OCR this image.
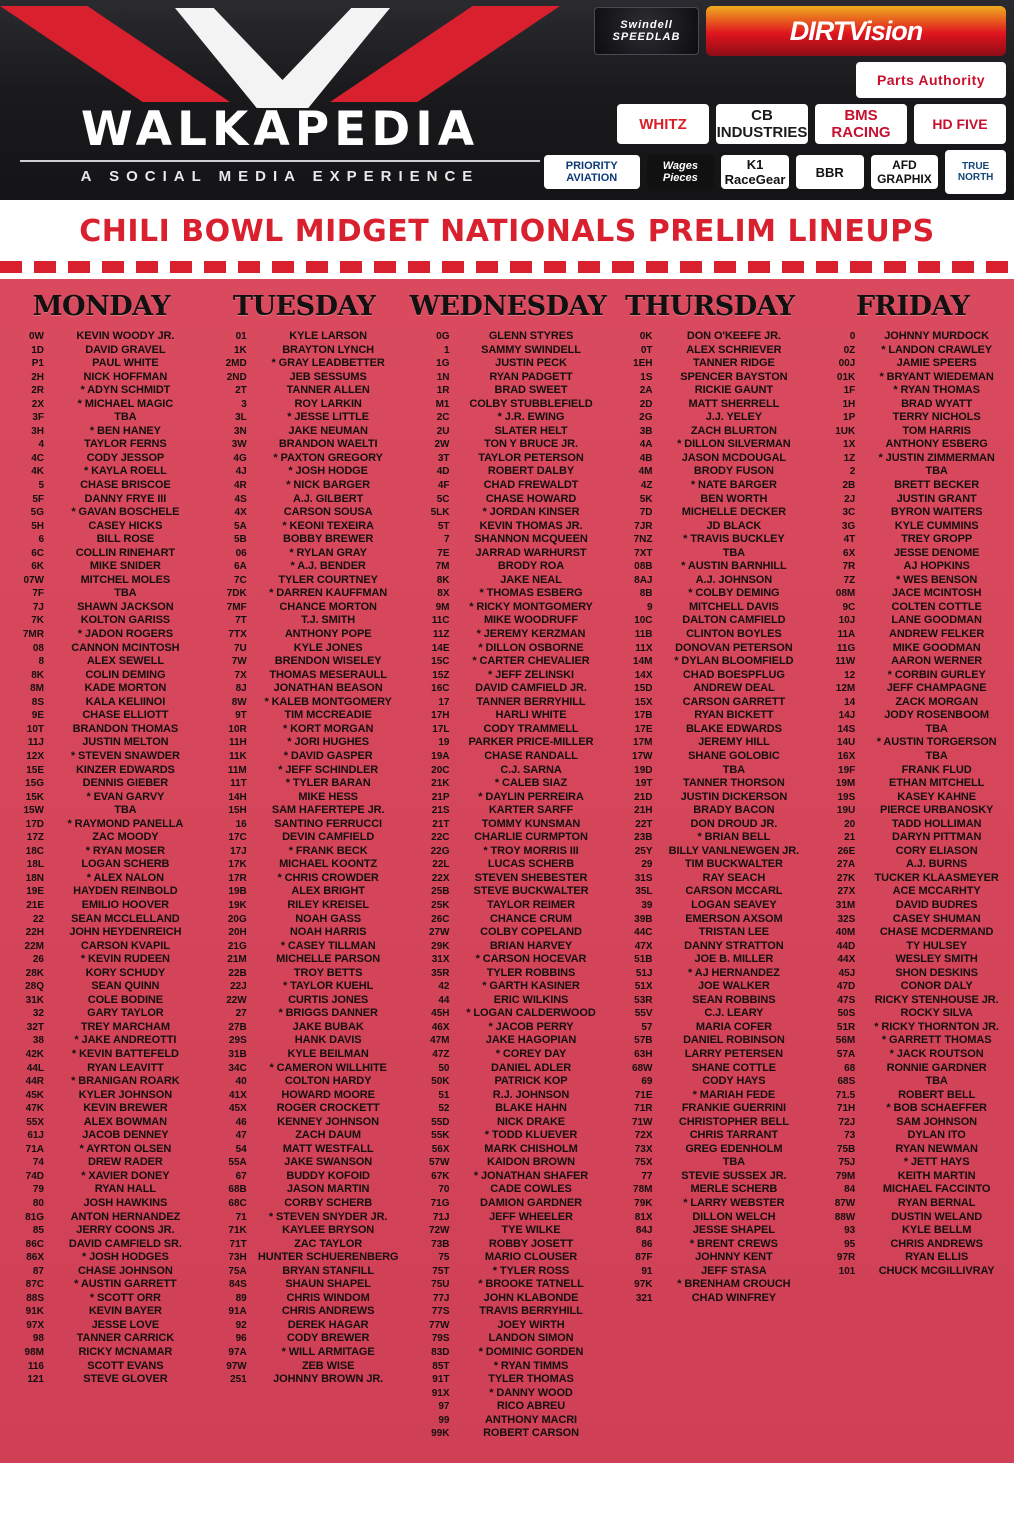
WALKAPEDIA
A SOCIAL MEDIA EXPERIENCE
Swindell SPEEDLAB	DIRTVision
Parts Authority
WHITZ	CB INDUSTRIES
BMS RACING	HD FIVE
PRIORITY AVIATION
Wages Pieces
K1 RaceGear	BBR	AFD GRAPHIX
TRUE NORTH
CHILI BOWL MIDGET NATIONALS PRELIM LINEUPS
MONDAY
0W	KEVIN WOODY JR.
1D	DAVID GRAVEL
P1	PAUL WHITE
2H	NICK HOFFMAN
2R	* ADYN SCHMIDT
2X	* MICHAEL MAGIC
3F	TBA
3H	* BEN HANEY
4	TAYLOR FERNS
4C	CODY JESSOP
4K	* KAYLA ROELL
5	CHASE BRISCOE
5F	DANNY FRYE III
5G	* GAVAN BOSCHELE
5H	CASEY HICKS
6	BILL ROSE
6C	COLLIN RINEHART
6K	MIKE SNIDER
07W	MITCHEL MOLES
7F	TBA
7J	SHAWN JACKSON
7K	KOLTON GARISS
7MR	* JADON ROGERS
08	CANNON MCINTOSH
8	ALEX SEWELL
8K	COLIN DEMING
8M	KADE MORTON
8S	KALA KELIINOI
9E	CHASE ELLIOTT
10T	BRANDON THOMAS
11J	JUSTIN MELTON
12X	* STEVEN SNAWDER
15E	KINZER EDWARDS
15G	DENNIS GIEBER
15K	* EVAN GARVY
15W	TBA
17D	* RAYMOND PANELLA
17Z	ZAC MOODY
18C	* RYAN MOSER
18L	LOGAN SCHERB
18N	* ALEX NALON
19E	HAYDEN REINBOLD
21E	EMILIO HOOVER
22	SEAN MCCLELLAND
22H	JOHN HEYDENREICH
22M	CARSON KVAPIL
26	* KEVIN RUDEEN
28K	KORY SCHUDY
28Q	SEAN QUINN
31K	COLE BODINE
32	GARY TAYLOR
32T	TREY MARCHAM
38	* JAKE ANDREOTTI
42K	* KEVIN BATTEFELD
44L	RYAN LEAVITT
44R	* BRANIGAN ROARK
45K	KYLER JOHNSON
47K	KEVIN BREWER
55X	ALEX BOWMAN
61J	JACOB DENNEY
71A	* AYRTON OLSEN
74	DREW RADER
74D	* XAVIER DONEY
79	RYAN HALL
80	JOSH HAWKINS
81G	ANTON HERNANDEZ
85	JERRY COONS JR.
86C	DAVID CAMFIELD SR.
86X	* JOSH HODGES
87	CHASE JOHNSON
87C	* AUSTIN GARRETT
88S	* SCOTT ORR
91K	KEVIN BAYER
97X	JESSE LOVE
98	TANNER CARRICK
98M	RICKY MCNAMAR
116	SCOTT EVANS
121	STEVE GLOVER
TUESDAY
01	KYLE LARSON
1K	BRAYTON LYNCH
2MD	* GRAY LEADBETTER
2ND	JEB SESSUMS
2T	TANNER ALLEN
3	ROY LARKIN
3L	* JESSE LITTLE
3N	JAKE NEUMAN
3W	BRANDON WAELTI
4G	* PAXTON GREGORY
4J	* JOSH HODGE
4R	* NICK BARGER
4S	A.J. GILBERT
4X	CARSON SOUSA
5A	* KEONI TEXEIRA
5B	BOBBY BREWER
06	* RYLAN GRAY
6A	* A.J. BENDER
7C	TYLER COURTNEY
7DK	* DARREN KAUFFMAN
7MF	CHANCE MORTON
7T	T.J. SMITH
7TX	ANTHONY POPE
7U	KYLE JONES
7W	BRENDON WISELEY
7X	THOMAS MESERAULL
8J	JONATHAN BEASON
8W	* KALEB MONTGOMERY
9T	TIM MCCREADIE
10R	* KORT MORGAN
11H	* JORI HUGHES
11K	* DAVID GASPER
11M	* JEFF SCHINDLER
11T	* TYLER BARAN
14H	MIKE HESS
15H	SAM HAFERTEPE JR.
16	SANTINO FERRUCCI
17C	DEVIN CAMFIELD
17J	* FRANK BECK
17K	MICHAEL KOONTZ
17R	* CHRIS CROWDER
19B	ALEX BRIGHT
19K	RILEY KREISEL
20G	NOAH GASS
20H	NOAH HARRIS
21G	* CASEY TILLMAN
21M	MICHELLE PARSON
22B	TROY BETTS
22J	* TAYLOR KUEHL
22W	CURTIS JONES
27	* BRIGGS DANNER
27B	JAKE BUBAK
29S	HANK DAVIS
31B	KYLE BEILMAN
34C	* CAMERON WILLHITE
40	COLTON HARDY
41X	HOWARD MOORE
45X	ROGER CROCKETT
46	KENNEY JOHNSON
47	ZACH DAUM
54	MATT WESTFALL
55A	JAKE SWANSON
67	BUDDY KOFOID
68B	JASON MARTIN
68C	CORBY SCHERB
71	* STEVEN SNYDER JR.
71K	KAYLEE BRYSON
71T	ZAC TAYLOR
73H	HUNTER SCHUERENBERG
75A	BRYAN STANFILL
84S	SHAUN SHAPEL
89	CHRIS WINDOM
91A	CHRIS ANDREWS
92	DEREK HAGAR
96	CODY BREWER
97A	* WILL ARMITAGE
97W	ZEB WISE
251	JOHNNY BROWN JR.
WEDNESDAY
0G	GLENN STYRES
1	SAMMY SWINDELL
1G	JUSTIN PECK
1N	RYAN PADGETT
1R	BRAD SWEET
M1	COLBY STUBBLEFIELD
2C	* J.R. EWING
2U	SLATER HELT
2W	TON Y BRUCE JR.
3T	TAYLOR PETERSON
4D	ROBERT DALBY
4F	CHAD FREWALDT
5C	CHASE HOWARD
5LK	* JORDAN KINSER
5T	KEVIN THOMAS JR.
7	SHANNON MCQUEEN
7E	JARRAD WARHURST
7M	BRODY ROA
8K	JAKE NEAL
8X	* THOMAS ESBERG
9M	* RICKY MONTGOMERY
11C	MIKE WOODRUFF
11Z	* JEREMY KERZMAN
14E	* DILLON OSBORNE
15C	* CARTER CHEVALIER
15Z	* JEFF ZELINSKI
16C	DAVID CAMFIELD JR.
17	TANNER BERRYHILL
17H	HARLI WHITE
17L	CODY TRAMMELL
19	PARKER PRICE-MILLER
19A	CHASE RANDALL
20C	C.J. SARNA
21K	* CALEB SIAZ
21P	* DAYLIN PERREIRA
21S	KARTER SARFF
21T	TOMMY KUNSMAN
22C	CHARLIE CURMPTON
22G	* TROY MORRIS III
22L	LUCAS SCHERB
22X	STEVEN SHEBESTER
25B	STEVE BUCKWALTER
25K	TAYLOR REIMER
26C	CHANCE CRUM
27W	COLBY COPELAND
29K	BRIAN HARVEY
31X	* CARSON HOCEVAR
35R	TYLER ROBBINS
42	* GARTH KASINER
44	ERIC WILKINS
45H	* LOGAN CALDERWOOD
46X	* JACOB PERRY
47M	JAKE HAGOPIAN
47Z	* COREY DAY
50	DANIEL ADLER
50K	PATRICK KOP
51	R.J. JOHNSON
52	BLAKE HAHN
55D	NICK DRAKE
55K	* TODD KLUEVER
56X	MARK CHISHOLM
57W	KAIDON BROWN
67K	* JONATHAN SHAFER
70	CADE COWLES
71G	DAMION GARDNER
71J	JEFF WHEELER
72W	TYE WILKE
73B	ROBBY JOSETT
75	MARIO CLOUSER
75T	* TYLER ROSS
75U	* BROOKE TATNELL
77J	JOHN KLABONDE
77S	TRAVIS BERRYHILL
77W	JOEY WIRTH
79S	LANDON SIMON
83D	* DOMINIC GORDEN
85T	* RYAN TIMMS
91T	TYLER THOMAS
91X	* DANNY WOOD
97	RICO ABREU
99	ANTHONY MACRI
99K	ROBERT CARSON
THURSDAY
0K	DON O'KEEFE JR.
0T	ALEX SCHRIEVER
1EH	TANNER RIDGE
1S	SPENCER BAYSTON
2A	RICKIE GAUNT
2D	MATT SHERRELL
2G	J.J. YELEY
3B	ZACH BLURTON
4A	* DILLON SILVERMAN
4B	JASON MCDOUGAL
4M	BRODY FUSON
4Z	* NATE BARGER
5K	BEN WORTH
7D	MICHELLE DECKER
7JR	JD BLACK
7NZ	* TRAVIS BUCKLEY
7XT	TBA
08B	* AUSTIN BARNHILL
8AJ	A.J. JOHNSON
8B	* COLBY DEMING
9	MITCHELL DAVIS
10C	DALTON CAMFIELD
11B	CLINTON BOYLES
11X	DONOVAN PETERSON
14M	* DYLAN BLOOMFIELD
14X	CHAD BOESPFLUG
15D	ANDREW DEAL
15X	CARSON GARRETT
17B	RYAN BICKETT
17E	BLAKE EDWARDS
17M	JEREMY HILL
17W	SHANE GOLOBIC
19D	TBA
19T	TANNER THORSON
21D	JUSTIN DICKERSON
21H	BRADY BACON
22T	DON DROUD JR.
23B	* BRIAN BELL
25Y	BILLY VANLNEWGEN JR.
29	TIM BUCKWALTER
31S	RAY SEACH
35L	CARSON MCCARL
39	LOGAN SEAVEY
39B	EMERSON AXSOM
44C	TRISTAN LEE
47X	DANNY STRATTON
51B	JOE B. MILLER
51J	* AJ HERNANDEZ
51X	JOE WALKER
53R	SEAN ROBBINS
55V	C.J. LEARY
57	MARIA COFER
57B	DANIEL ROBINSON
63H	LARRY PETERSEN
68W	SHANE COTTLE
69	CODY HAYS
71E	* MARIAH FEDE
71R	FRANKIE GUERRINI
71W	CHRISTOPHER BELL
72X	CHRIS TARRANT
73X	GREG EDENHOLM
75X	TBA
77	STEVIE SUSSEX JR.
78M	MERLE SCHERB
79K	* LARRY WEBSTER
81X	DILLON WELCH
84J	JESSE SHAPEL
86	* BRENT CREWS
87F	JOHNNY KENT
91	JEFF STASA
97K	* BRENHAM CROUCH
321	CHAD WINFREY
FRIDAY
0	JOHNNY MURDOCK
0Z	* LANDON CRAWLEY
00J	JAMIE SPEERS
01K	* BRYANT WIEDEMAN
1F	* RYAN THOMAS
1H	BRAD WYATT
1P	TERRY NICHOLS
1UK	TOM HARRIS
1X	ANTHONY ESBERG
1Z	* JUSTIN ZIMMERMAN
2	TBA
2B	BRETT BECKER
2J	JUSTIN GRANT
3C	BYRON WAITERS
3G	KYLE CUMMINS
4T	TREY GROPP
6X	JESSE DENOME
7R	AJ HOPKINS
7Z	* WES BENSON
08M	JACE MCINTOSH
9C	COLTEN COTTLE
10J	LANE GOODMAN
11A	ANDREW FELKER
11G	MIKE GOODMAN
11W	AARON WERNER
12	* CORBIN GURLEY
12M	JEFF CHAMPAGNE
14	ZACK MORGAN
14J	JODY ROSENBOOM
14S	TBA
14U	* AUSTIN TORGERSON
16X	TBA
19F	FRANK FLUD
19M	ETHAN MITCHELL
19S	KASEY KAHNE
19U	PIERCE URBANOSKY
20	TADD HOLLIMAN
21	DARYN PITTMAN
26E	CORY ELIASON
27A	A.J. BURNS
27K	TUCKER KLAASMEYER
27X	ACE MCCARHTY
31M	DAVID BUDRES
32S	CASEY SHUMAN
40M	CHASE MCDERMAND
44D	TY HULSEY
44X	WESLEY SMITH
45J	SHON DESKINS
47D	CONOR DALY
47S	RICKY STENHOUSE JR.
50S	ROCKY SILVA
51R	* RICKY THORNTON JR.
56M	* GARRETT THOMAS
57A	* JACK ROUTSON
68	RONNIE GARDNER
68S	TBA
71.5	ROBERT BELL
71H	* BOB SCHAEFFER
72J	SAM JOHNSON
73	DYLAN ITO
75B	RYAN NEWMAN
75J	* JETT HAYS
79M	KEITH MARTIN
84	MICHAEL FACCINTO
87W	RYAN BERNAL
88W	DUSTIN WELAND
93	KYLE BELLM
95	CHRIS ANDREWS
97R	RYAN ELLIS
101	CHUCK MCGILLIVRAY
